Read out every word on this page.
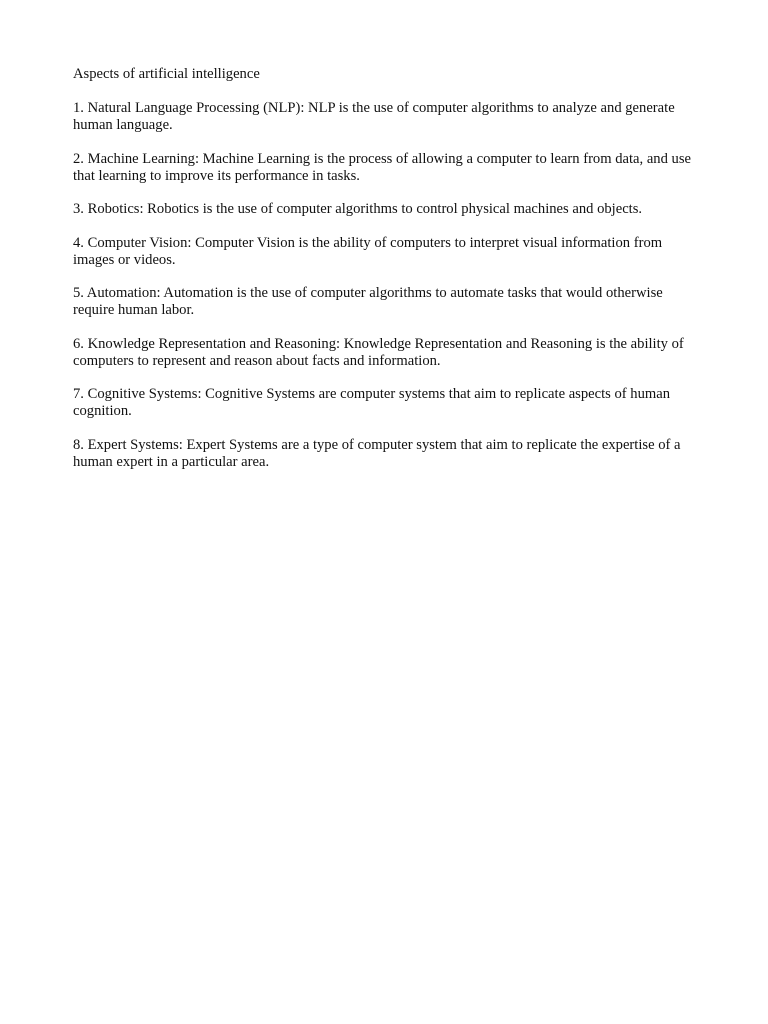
Aspects of artificial intelligence

1. Natural Language Processing (NLP): NLP is the use of computer algorithms to analyze and generate human language.

2. Machine Learning: Machine Learning is the process of allowing a computer to learn from data, and use that learning to improve its performance in tasks.

3. Robotics: Robotics is the use of computer algorithms to control physical machines and objects.

4. Computer Vision: Computer Vision is the ability of computers to interpret visual information from images or videos.

5. Automation: Automation is the use of computer algorithms to automate tasks that would otherwise require human labor.

6. Knowledge Representation and Reasoning: Knowledge Representation and Reasoning is the ability of computers to represent and reason about facts and information.

7. Cognitive Systems: Cognitive Systems are computer systems that aim to replicate aspects of human cognition.

8. Expert Systems: Expert Systems are a type of computer system that aim to replicate the expertise of a human expert in a particular area.
